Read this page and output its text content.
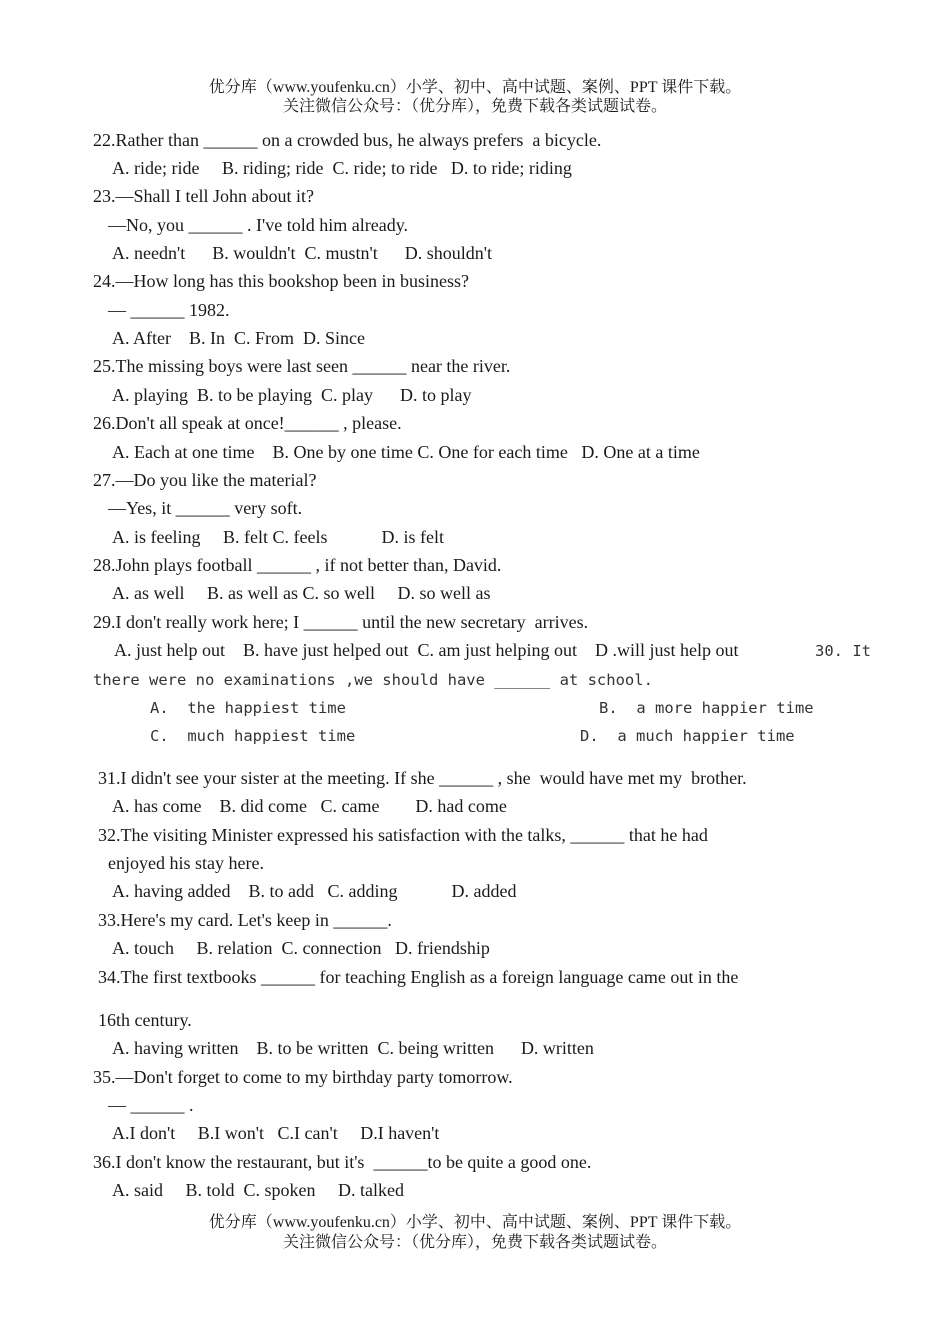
优分库（www.youfenku.cn）小学、初中、高中试题、案例、PPT 课件下载。
关注微信公众号：（优分库），免费下载各类试题试卷。
22.Rather than ______ on a crowded bus, he always prefers  a bicycle.
A. ride; ride     B. riding; ride  C. ride; to ride   D. to ride; riding
23.—Shall I tell John about it?
—No, you ______ . I've told him already.
A. needn't      B. wouldn't  C. mustn't      D. shouldn't
24.—How long has this bookshop been in business?
— ______ 1982.
A. After    B. In  C. From  D. Since
25.The missing boys were last seen ______ near the river.
A. playing  B. to be playing  C. play      D. to play
26.Don't all speak at once!______ , please.
A. Each at one time    B. One by one time C. One for each time   D. One at a time
27.—Do you like the material?
—Yes, it ______ very soft.
A. is feeling     B. felt C. feels            D. is felt
28.John plays football ______ , if not better than, David.
A. as well     B. as well as C. so well     D. so well as
29.I don't really work here; I ______ until the new secretary  arrives.
A. just help out    B. have just helped out  C. am just helping out    D .will just help out	30. It
there were no examinations ,we should have ______ at school.
A.  the happiest time	B.  a more happier time
C.  much happiest time	D.  a much happier time
31.I didn't see your sister at the meeting. If she ______ , she  would have met my  brother.
A. has come    B. did come   C. came        D. had come
32.The visiting Minister expressed his satisfaction with the talks, ______ that he had
enjoyed his stay here.
A. having added    B. to add   C. adding            D. added
33.Here's my card. Let's keep in ______.
A. touch     B. relation  C. connection   D. friendship
34.The first textbooks ______ for teaching English as a foreign language came out in the
16th century.
A. having written    B. to be written  C. being written      D. written
35.—Don't forget to come to my birthday party tomorrow.
— ______ .
A.I don't     B.I won't   C.I can't     D.I haven't
36.I don't know the restaurant, but it's  ______to be quite a good one.
A. said     B. told  C. spoken     D. talked
优分库（www.youfenku.cn）小学、初中、高中试题、案例、PPT 课件下载。
关注微信公众号：（优分库），免费下载各类试题试卷。
